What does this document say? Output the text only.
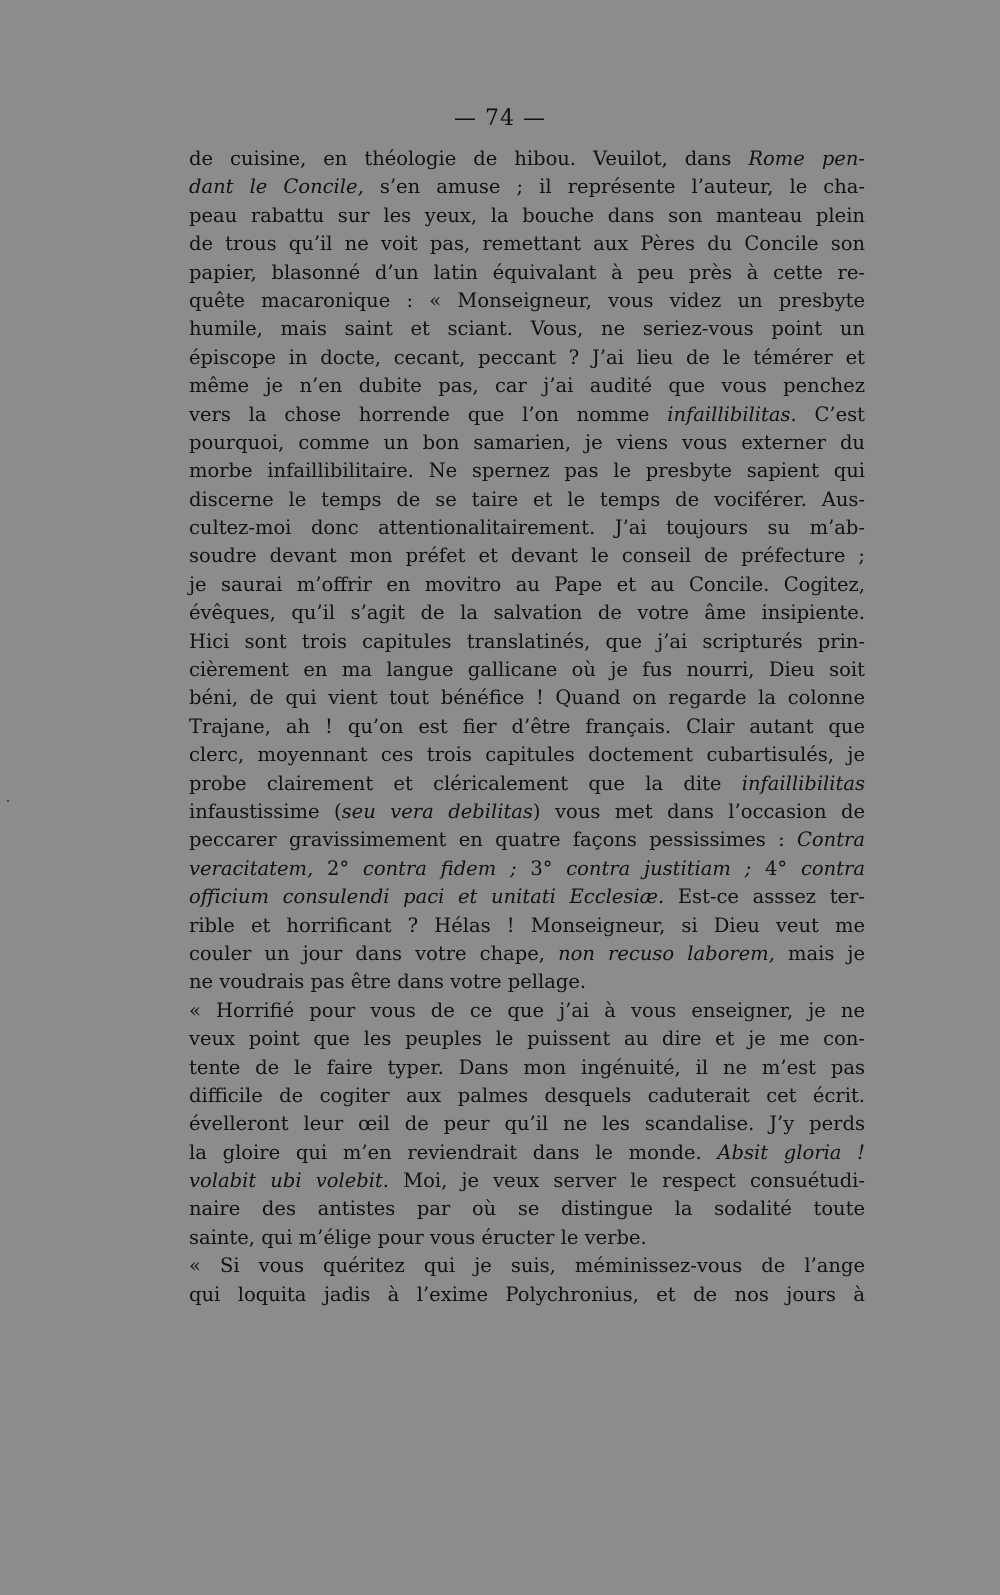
— 74 —
de cuisine, en théologie de hibou. Veuilot, dans Rome pen-
dant le Concile, s’en amuse ; il représente l’auteur, le cha-
peau rabattu sur les yeux, la bouche dans son manteau plein
de trous qu’il ne voit pas, remettant aux Pères du Concile son
papier, blasonné d’un latin équivalant à peu près à cette re-
quête macaronique : « Monseigneur, vous videz un presbyte
humile, mais saint et sciant. Vous, ne seriez-vous point un
épiscope in docte, cecant, peccant ? J’ai lieu de le témérer et
même je n’en dubite pas, car j’ai audité que vous penchez
vers la chose horrende que l’on nomme infaillibilitas. C’est
pourquoi, comme un bon samarien, je viens vous externer du
morbe infaillibilitaire. Ne spernez pas le presbyte sapient qui
discerne le temps de se taire et le temps de vociférer. Aus-
cultez-moi donc attentionalitairement. J’ai toujours su m’ab-
soudre devant mon préfet et devant le conseil de préfecture ;
je saurai m’offrir en movitro au Pape et au Concile. Cogitez,
évêques, qu’il s’agit de la salvation de votre âme insipiente.
Hici sont trois capitules translatinés, que j’ai scripturés prin-
cièrement en ma langue gallicane où je fus nourri, Dieu soit
béni, de qui vient tout bénéfice ! Quand on regarde la colonne
Trajane, ah ! qu’on est fier d’être français. Clair autant que
clerc, moyennant ces trois capitules doctement cubartisulés, je
probe clairement et cléricalement que la dite infaillibilitas
infaustissime (seu vera debilitas) vous met dans l’occasion de
peccarer gravissimement en quatre façons pessissimes : Contra
veracitatem, 2° contra fidem ; 3° contra justitiam ; 4° contra
officium consulendi paci et unitati Ecclesiæ. Est-ce asssez ter-
rible et horrificant ? Hélas ! Monseigneur, si Dieu veut me
couler un jour dans votre chape, non recuso laborem, mais je
ne voudrais pas être dans votre pellage.
« Horrifié pour vous de ce que j’ai à vous enseigner, je ne
veux point que les peuples le puissent au dire et je me con-
tente de le faire typer. Dans mon ingénuité, il ne m’est pas
difficile de cogiter aux palmes desquels caduterait cet écrit.
évelleront leur œil de peur qu’il ne les scandalise. J’y perds
la gloire qui m’en reviendrait dans le monde. Absit gloria !
volabit ubi volebit. Moi, je veux server le respect consuétudi-
naire des antistes par où se distingue la sodalité toute
sainte, qui m’élige pour vous éructer le verbe.
« Si vous quéritez qui je suis, méminissez-vous de l’ange
qui loquita jadis à l’exime Polychronius, et de nos jours à
